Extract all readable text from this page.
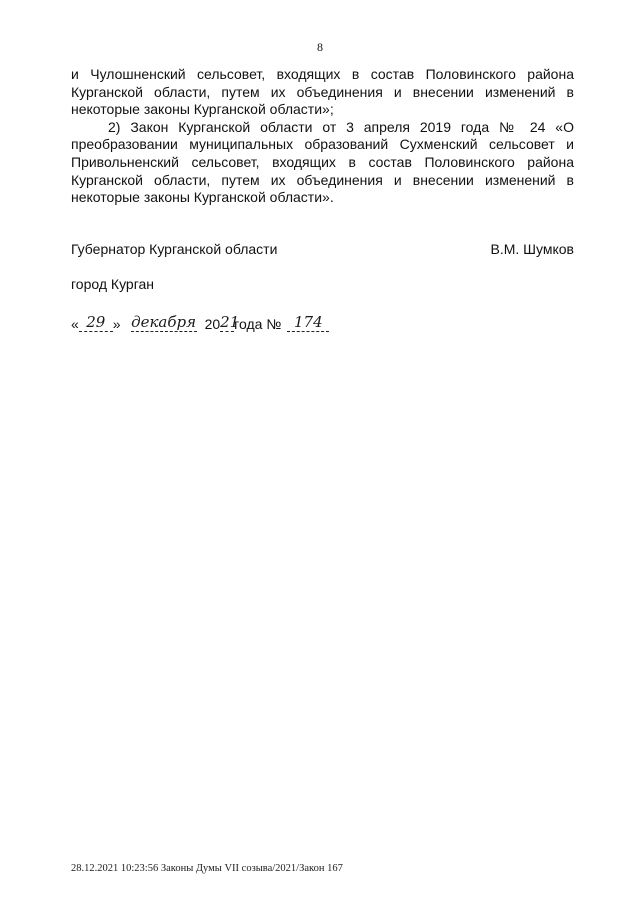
8

и Чулошненский сельсовет, входящих в состав Половинского района Курганской области, путем их объединения и внесении изменений в некоторые законы Курганской области»;

2) Закон Курганской области от 3 апреля 2019 года № 24 «О преобразовании муниципальных образований Сухменский сельсовет и Привольненский сельсовет, входящих в состав Половинского района Курганской области, путем их объединения и внесении изменений в некоторые законы Курганской области».

Губернатор Курганской области	В.М. Шумков
город Курган
« 29 » декабря 20 21
года № 174
28.12.2021 10:23:56 Законы Думы VII созыва/2021/Закон 167
